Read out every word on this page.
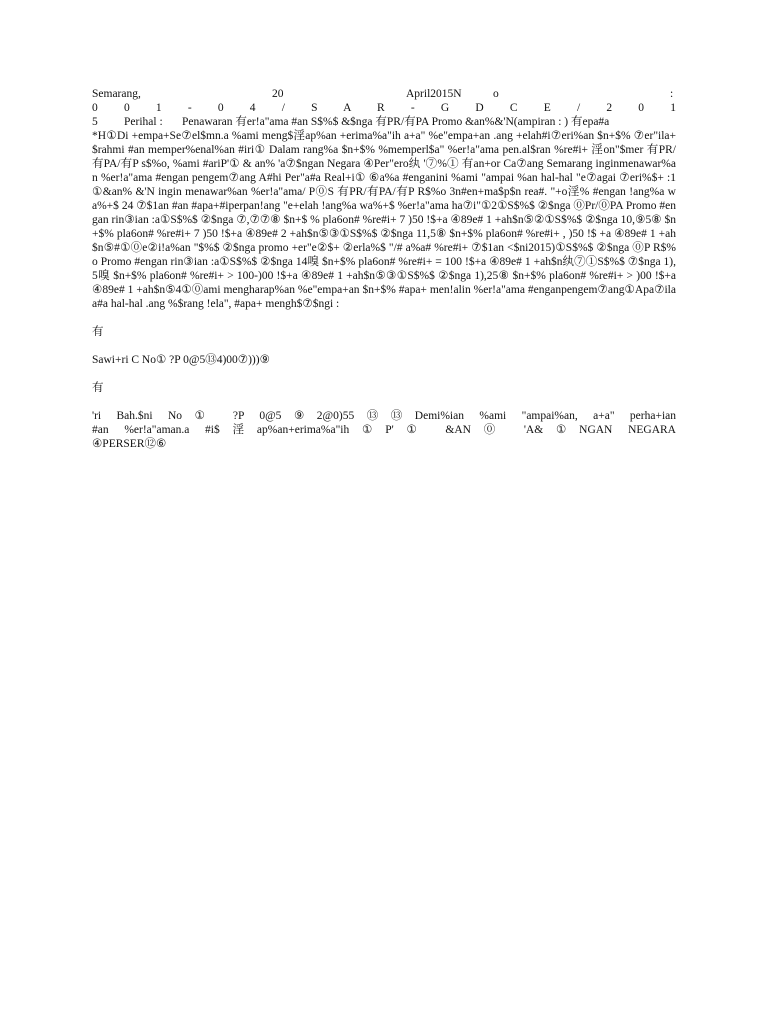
Semarang,	20	April2015N	o	:
0 0 1 - 0 4 / S A R - G D C E / 2 0 1
5 Perihal : Penawaran 有er!a"ama #an S$%$ &$nga 有PR/有PA Promo &an%&'N(ampiran : ) 有epa#a

*H①Di +empa+Se⑦el$mn.a %ami meng$淫ap%an +erima%a"ih a+a" %e"empa+an .ang +elah#i⑦eri%an $n+$% ⑦er"ila+$rahmi #an memper%enal%an #iri① Dalam rang%a $n+$% %memperl$a" %er!a"ama pen.al$ran %re#i+ 淫on"$mer 有PR/有PA/有P s$%o, %ami #ariP'① & an% 'a⑦$ngan Negara ④Per"ero纨 '⑦%① 有an+or Ca⑦ang Semarang inginmenawar%an %er!a"ama #engan pengem⑦ang A#hi Per"a#a Real+i① ⑥a%a #enganini %ami "ampai %an hal-hal "e⑦agai ⑦eri%$+ :1①&an% &'N ingin menawar%an %er!a"ama/ P⓪S 有PR/有PA/有P R$%o 3n#en+ma$p$n rea#. "+o淫% #engan !ang%a wa%+$ 24 ⑦$1an #an #apa+#iperpan!ang "e+elah !ang%a wa%+$ %er!a"ama ha⑦i"①2①S$%$ ②$nga ⓪Pr/⓪PA Promo #engan rin③ian :a①S$%$ ②$nga ⑦,⑦⑦⑧ $n+$ % pla6on# %re#i+ 7 )50 !$+a ④89e# 1 +ah$n⑤②①S$%$ ②$nga 10,⑨5⑧ $n+$% pla6on# %re#i+ 7 )50 !$+a ④89e# 2 +ah$n⑤③①S$%$ ②$nga 11,5⑧ $n+$% pla6on# %re#i+ , )50 !$ +a ④89e# 1 +ah$n⑤#①⓪e②i!a%an "$%$ ②$nga promo +er"e②$+ ②erla%$ "/# a%a# %re#i+ ⑦$1an <$ni2015)①S$%$ ②$nga ⓪P R$%o Promo #engan rin③ian :a①S$%$ ②$nga 14嗅 $n+$% pla6on# %re#i+ = 100 !$+a ④89e# 1 +ah$n纨⑦①S$%$ ⑦$nga 1),5嗅 $n+$% pla6on# %re#i+ > 100-)00 !$+a ④89e# 1 +ah$n⑤③①S$%$ ②$nga 1),25⑧ $n+$% pla6on# %re#i+ > )00 !$+a ④89e# 1 +ah$n⑤4①⓪ami mengharap%an %e"empa+an $n+$% #apa+ men!alin %er!a"ama #enganpengem⑦ang①Apa⑦ila a#a hal-hal .ang %$rang !ela", #apa+ mengh$⑦$ngi :

有
Sawi+ri C No① ?P 0@5⑬4)00⑦)))⑨
有
'ri Bah.$ni No① ?P 0@5⑨2@0)55⑬⑬Demi%ian %ami "ampai%an, a+a" perha+ian
#an %er!a"aman.a #i$淫ap%an+erima%a"ih①P'① &AN⓪ 'A&①NGAN NEGARA
④PERSER⑫⑥
